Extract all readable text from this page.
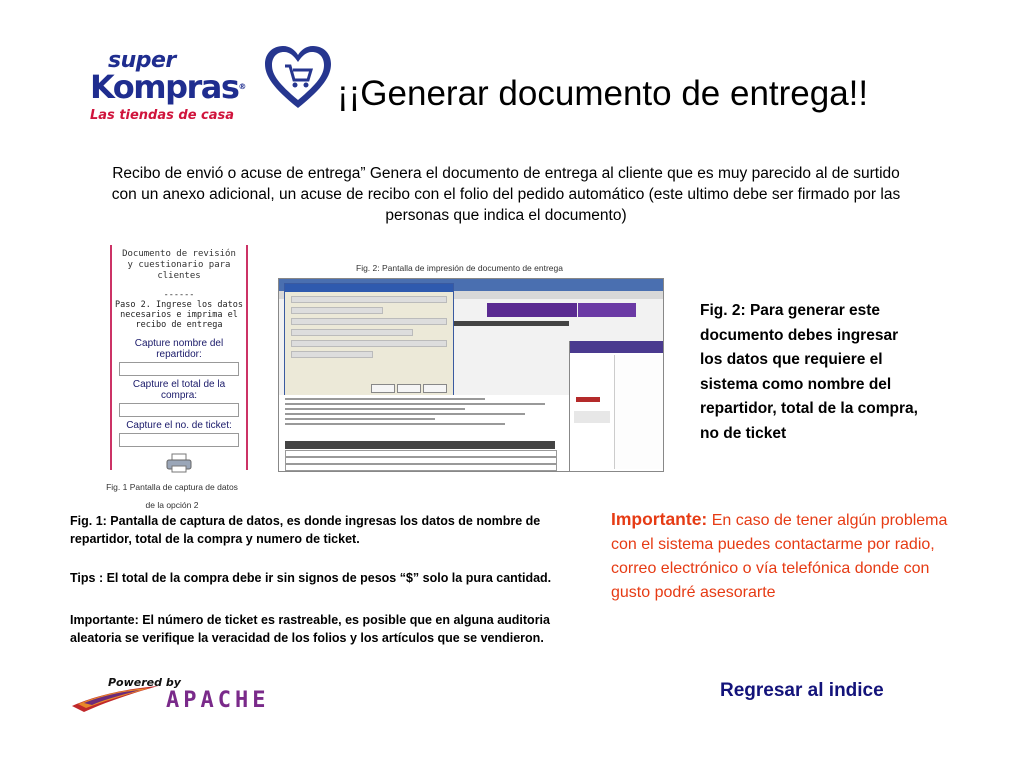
super
Kompras®
Las tiendas de casa
¡¡Generar documento de entrega!!
Recibo de envió o acuse de entrega” Genera el documento de entrega al cliente que es muy parecido al de surtido con un anexo adicional, un acuse de recibo con el folio del pedido automático (este ultimo debe ser firmado por las personas que indica el documento)
Documento de revisión
y cuestionario para clientes
------
Paso 2. Ingrese los datos
necesarios e imprima el
recibo de entrega
Capture nombre del
repartidor:
Capture el total de la
compra:
Capture el no. de ticket:
Fig. 1 Pantalla de captura de datos
de la opción 2
Fig. 2: Pantalla de impresión de documento de entrega
Fig. 2: Para generar este documento debes ingresar los datos que requiere el sistema como nombre del repartidor, total de la compra, no de ticket
Fig. 1: Pantalla de captura de datos, es donde ingresas los datos de nombre de repartidor, total de la compra y numero de ticket.
Tips : El total de la compra debe ir sin signos de pesos “$” solo la pura cantidad.
Importante: El número de ticket es rastreable, es posible que en alguna auditoria aleatoria se verifique la veracidad de los folios y los artículos que se vendieron.
Importante: En caso de tener algún problema con el sistema puedes contactarme por radio, correo electrónico o vía telefónica donde con gusto podré asesorarte
Powered by
APACHE	Regresar al indice
